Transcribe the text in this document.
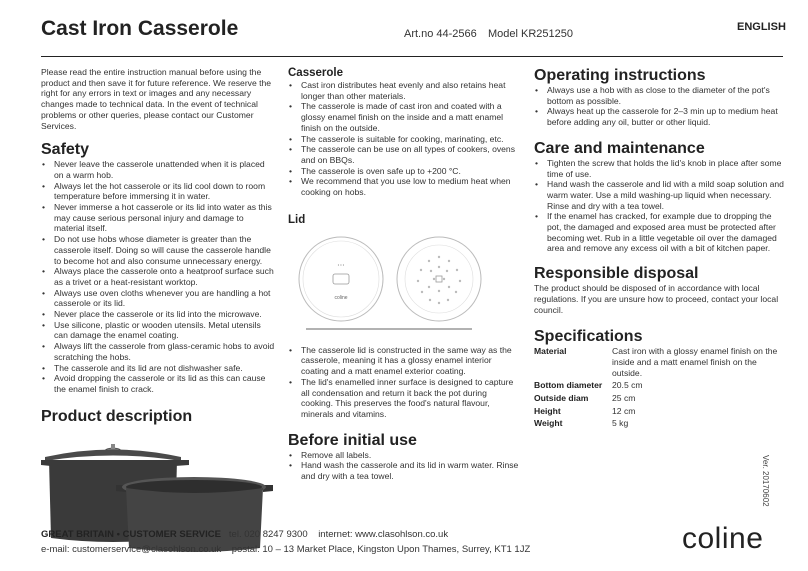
Cast Iron Casserole	Art.no 44-2566 Model KR251250
ENGLISH

Please read the entire instruction manual before using the product and then save it for future reference. We reserve the right for any errors in text or images and any necessary changes made to technical data. In the event of technical problems or other queries, please contact our Customer Services.

Safety
• Never leave the casserole unattended when it is placed on a warm hob.
• Always let the hot casserole or its lid cool down to room temperature before immersing it in water.
• Never immerse a hot casserole or its lid into water as this may cause serious personal injury and damage to material itself.
• Do not use hobs whose diameter is greater than the casserole itself. Doing so will cause the casserole handle to become hot and also consume unnecessary energy.
• Always place the casserole onto a heatproof surface such as a trivet or a heat-resistant worktop.
• Always use oven cloths whenever you are handling a hot casserole or its lid.
• Never place the casserole or its lid into the microwave.
• Use silicone, plastic or wooden utensils. Metal utensils can damage the enamel coating.
• Always lift the casserole from glass-ceramic hobs to avoid scratching the hobs.
• The casserole and its lid are not dishwasher safe.
• Avoid dropping the casserole or its lid as this can cause the enamel finish to crack.
Product description
Casserole
• Cast iron distributes heat evenly and also retains heat longer than other materials.
• The casserole is made of cast iron and coated with a glossy enamel finish on the inside and a matt enamel finish on the outside.
• The casserole is suitable for cooking, marinating, etc.
• The casserole can be use on all types of cookers, ovens and on BBQs.
• The casserole is oven safe up to +200 °C.
• We recommend that you use low to medium heat when cooking on hobs.
Lid
• • •
coline
• The casserole lid is constructed in the same way as the casserole, meaning it has a glossy enamel interior coating and a matt enamel exterior coating.
• The lid's enamelled inner surface is designed to capture all condensation and return it back the pot during cooking. This preserves the food's natural flavour, minerals and vitamins.
Before initial use
• Remove all labels.
• Hand wash the casserole and its lid in warm water. Rinse and dry with a tea towel.
Operating instructions
• Always use a hob with as close to the diameter of the pot's bottom as possible.
• Always heat up the casserole for 2–3 min up to medium heat before adding any oil, butter or other liquid.
Care and maintenance
• Tighten the screw that holds the lid's knob in place after some time of use.
• Hand wash the casserole and lid with a mild soap solution and warm water. Use a mild washing-up liquid when necessary. Rinse and dry with a tea towel.
• If the enamel has cracked, for example due to dropping the pot, the damaged and exposed area must be protected after becoming wet. Rub in a little vegetable oil over the damaged area and remove any excess oil with a bit of kitchen paper.
Responsible disposal

The product should be disposed of in accordance with local regulations. If you are unsure how to proceed, contact your local council.

Specifications
Material	Cast iron with a glossy enamel finish on the inside and a matt enamel finish on the outside.
Bottom diameter	20.5 cm
Outside diam	25 cm
Height	12 cm
Weight	5 kg
Ver. 20170602
GREAT BRITAIN • CUSTOMER SERVICE tel. 020 8247 9300 internet: www.clasohlson.co.uk
e-mail: customerservice@clasohlson.co.uk postal: 10 – 13 Market Place, Kingston Upon Thames, Surrey, KT1 1JZ	coline
